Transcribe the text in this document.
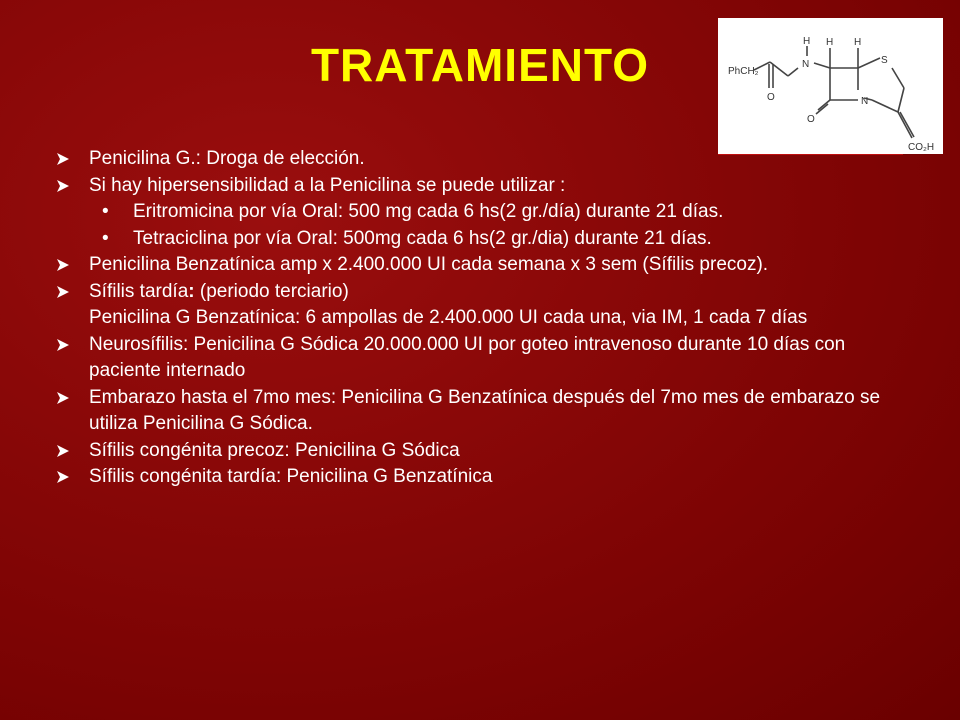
TRATAMIENTO	PhCH₂
O
H
N
H H
S
N
O
CO₂H
Penicilina G.: Droga de elección.
Si hay hipersensibilidad a la Penicilina se puede utilizar :
• Eritromicina por vía Oral: 500 mg cada 6 hs(2 gr./día) durante 21 días.
• Tetraciclina por vía Oral: 500mg cada 6 hs(2 gr./dia) durante 21 días.
Penicilina Benzatínica amp x 2.400.000 UI cada semana x 3 sem (Sífilis precoz).
Sífilis tardía: (periodo terciario)
Penicilina G Benzatínica: 6 ampollas de 2.400.000 UI cada una, via IM, 1 cada 7 días
Neurosífilis: Penicilina G Sódica 20.000.000 UI por goteo intravenoso durante 10 días con paciente internado
Embarazo hasta el 7mo mes: Penicilina G Benzatínica después del 7mo mes de embarazo se utiliza Penicilina G Sódica.
Sífilis congénita precoz: Penicilina G Sódica
Sífilis congénita tardía: Penicilina G Benzatínica
